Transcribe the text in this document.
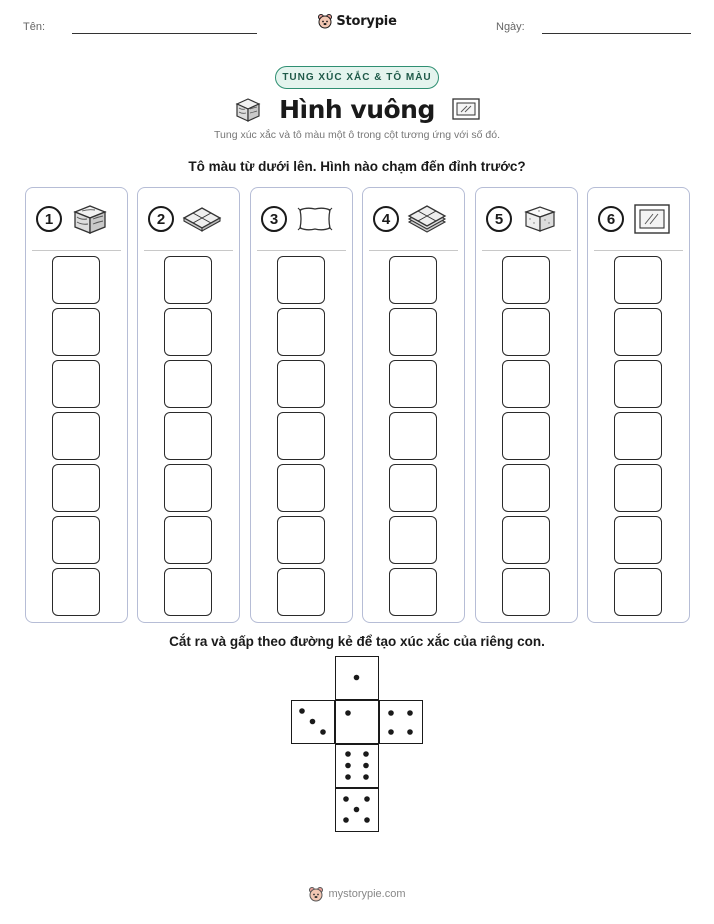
Tên:	Storypie	Ngày:
TUNG XÚC XẮC & TÔ MÀU
Hình vuông
Tung xúc xắc và tô màu một ô trong cột tương ứng với số đó.
Tô màu từ dưới lên. Hình nào chạm đến đỉnh trước?
1	2	3	4	5	6
Cắt ra và gấp theo đường kẻ để tạo xúc xắc của riêng con.
mystorypie.com
